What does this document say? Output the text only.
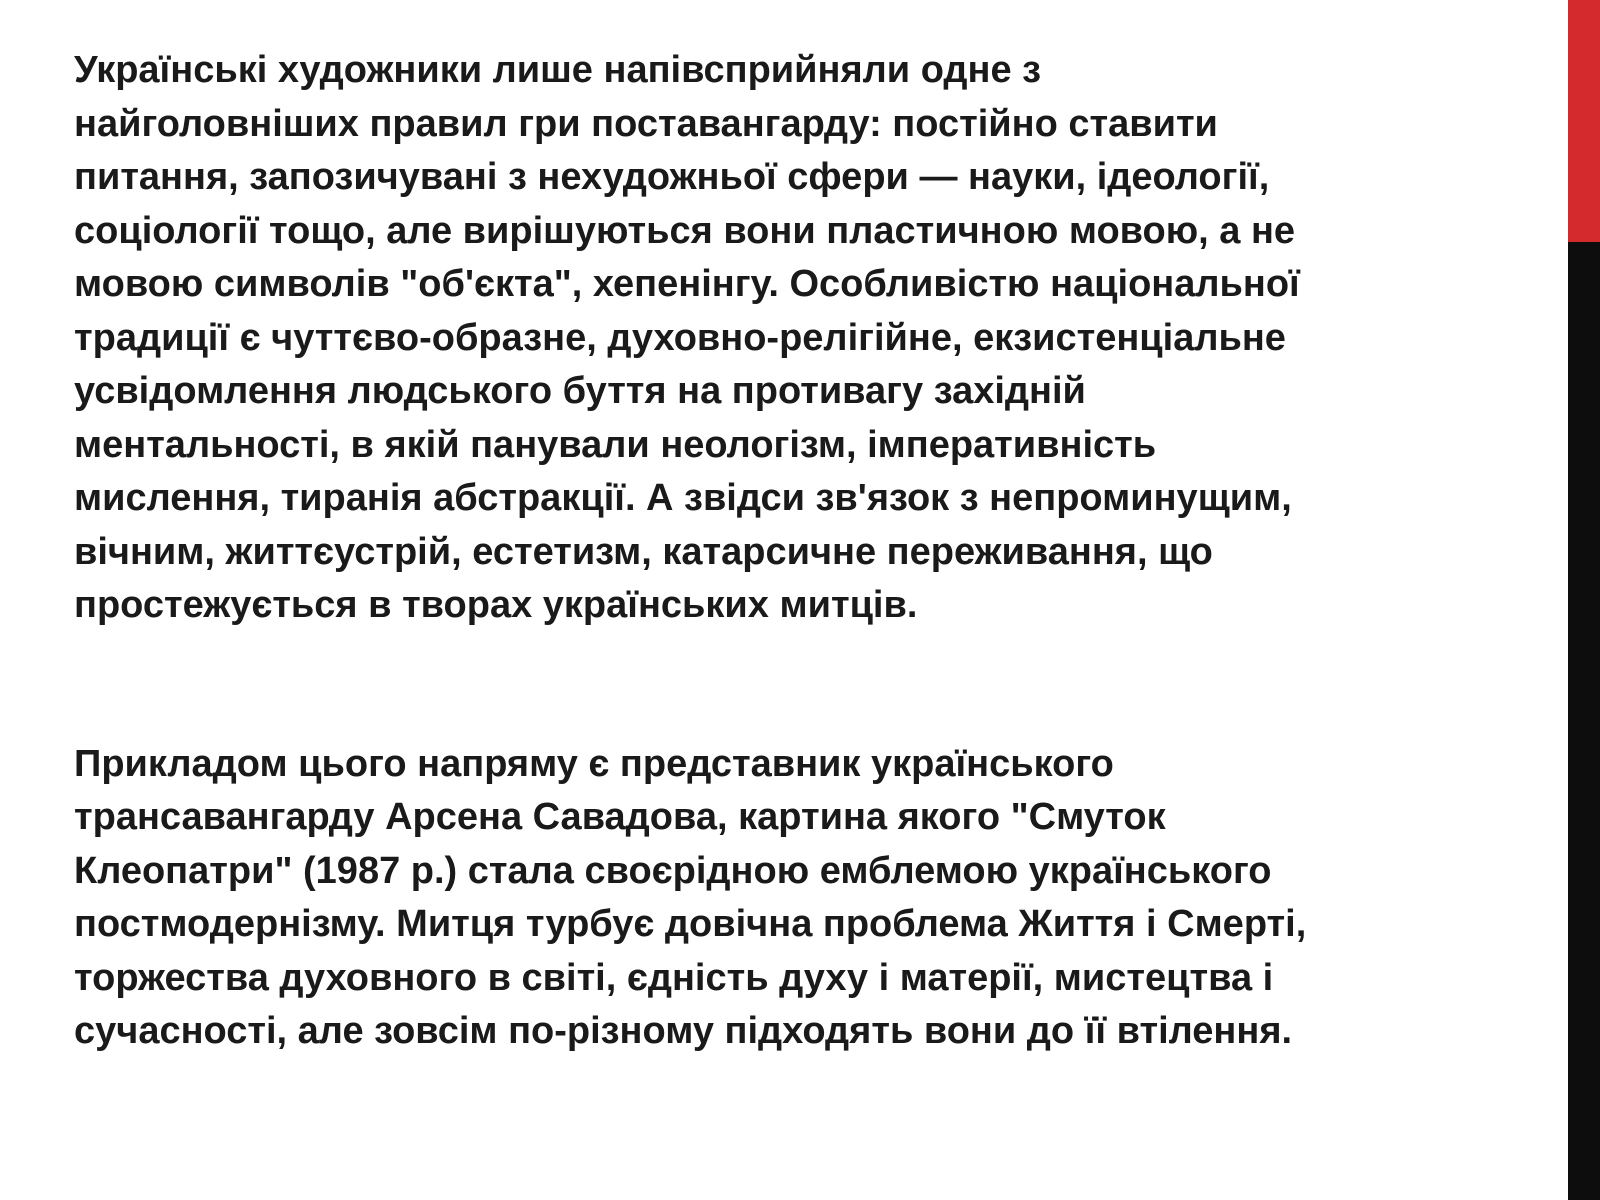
Українські художники лише напівсприйняли одне з
найголовніших правил гри поставангарду: постійно ставити
питання, запозичувані з нехудожньої сфери — науки, ідеології,
соціології тощо, але вирішуються вони пластичною мовою, а не
мовою символів "об'єкта", хепенінгу. Особливістю національної
традиції є чуттєво-образне, духовно-релігійне, екзистенціальне
усвідомлення людського буття на противагу західній
ментальності, в якій панували неологізм, імперативність
мислення, тиранія абстракції. А звідси зв'язок з непроминущим,
вічним, життєустрій, естетизм, катарсичне переживання, що
простежується в творах українських митців.

Прикладом цього напряму є представник українського
трансавангарду Арсена Савадова, картина якого "Смуток
Клеопатри" (1987 р.) стала своєрідною емблемою українського
постмодернізму. Митця турбує довічна проблема Життя і Смерті,
торжества духовного в світі, єдність духу і матерії, мистецтва і
сучасності, але зовсім по-різному підходять вони до її втілення.
